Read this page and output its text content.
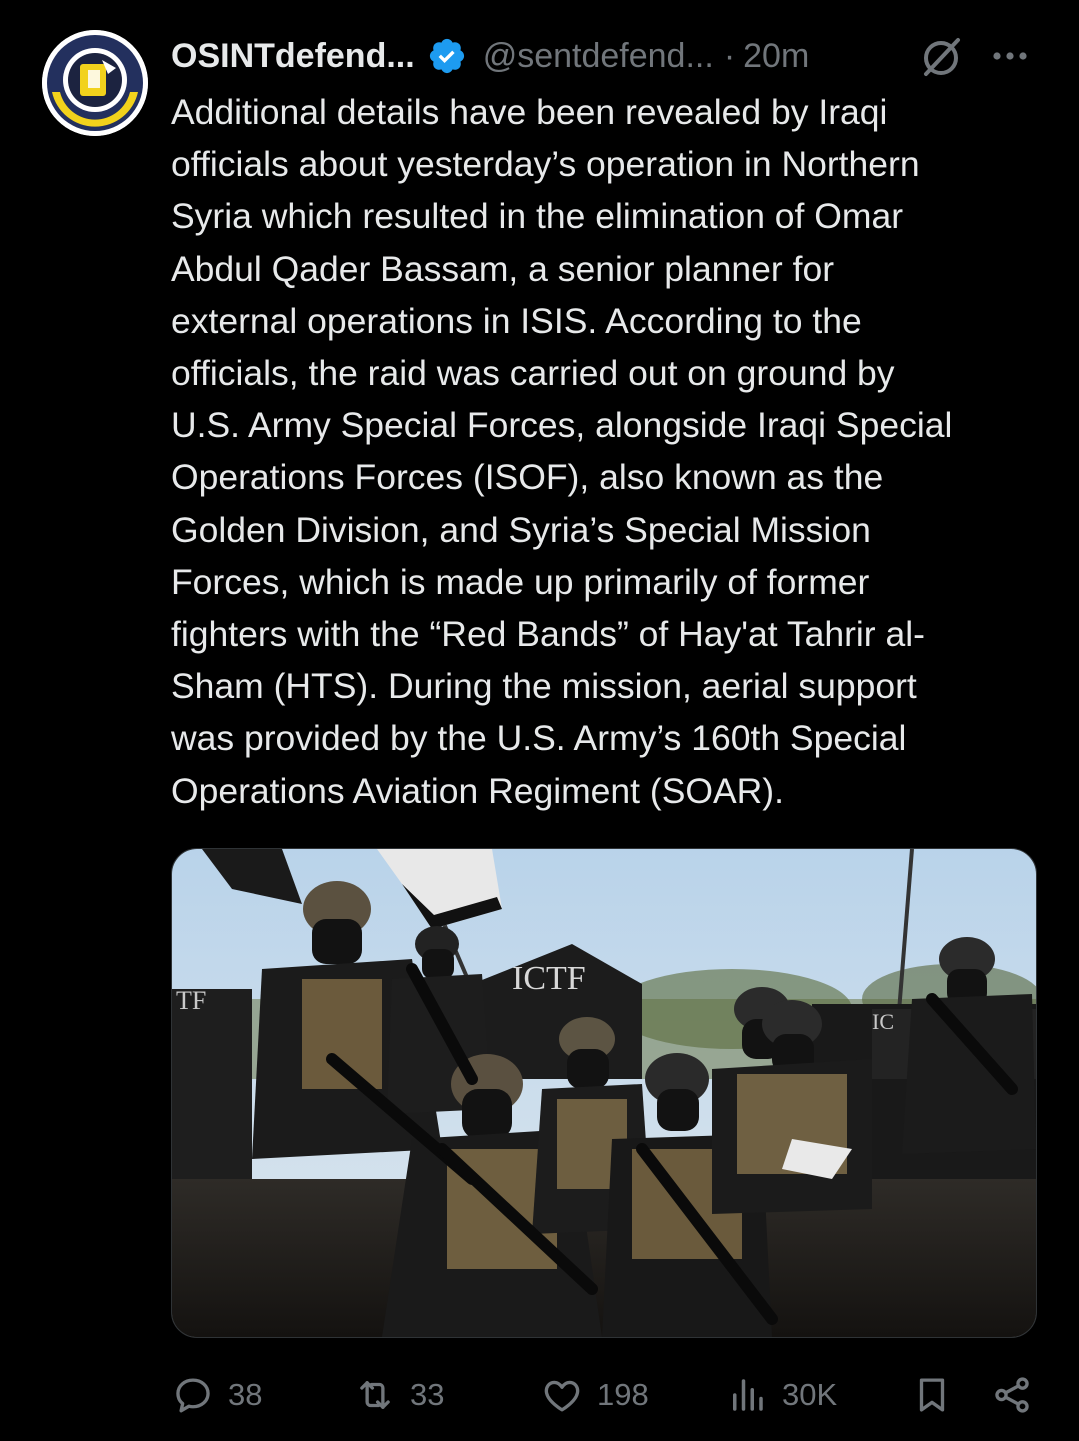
OSINTdefend... @sentdefend... · 20m
Additional details have been revealed by Iraqi
officials about yesterday’s operation in Northern
Syria which resulted in the elimination of Omar
Abdul Qader Bassam, a senior planner for
external operations in ISIS. According to the
officials, the raid was carried out on ground by
U.S. Army Special Forces, alongside Iraqi Special
Operations Forces (ISOF), also known as the
Golden Division, and Syria’s Special Mission
Forces, which is made up primarily of former
fighters with the “Red Bands” of Hay'at Tahrir al-
Sham (HTS). During the mission, aerial support
was provided by the U.S. Army’s 160th Special
Operations Aviation Regiment (SOAR).
ICTF
TF
IC
38	33	198	30K
